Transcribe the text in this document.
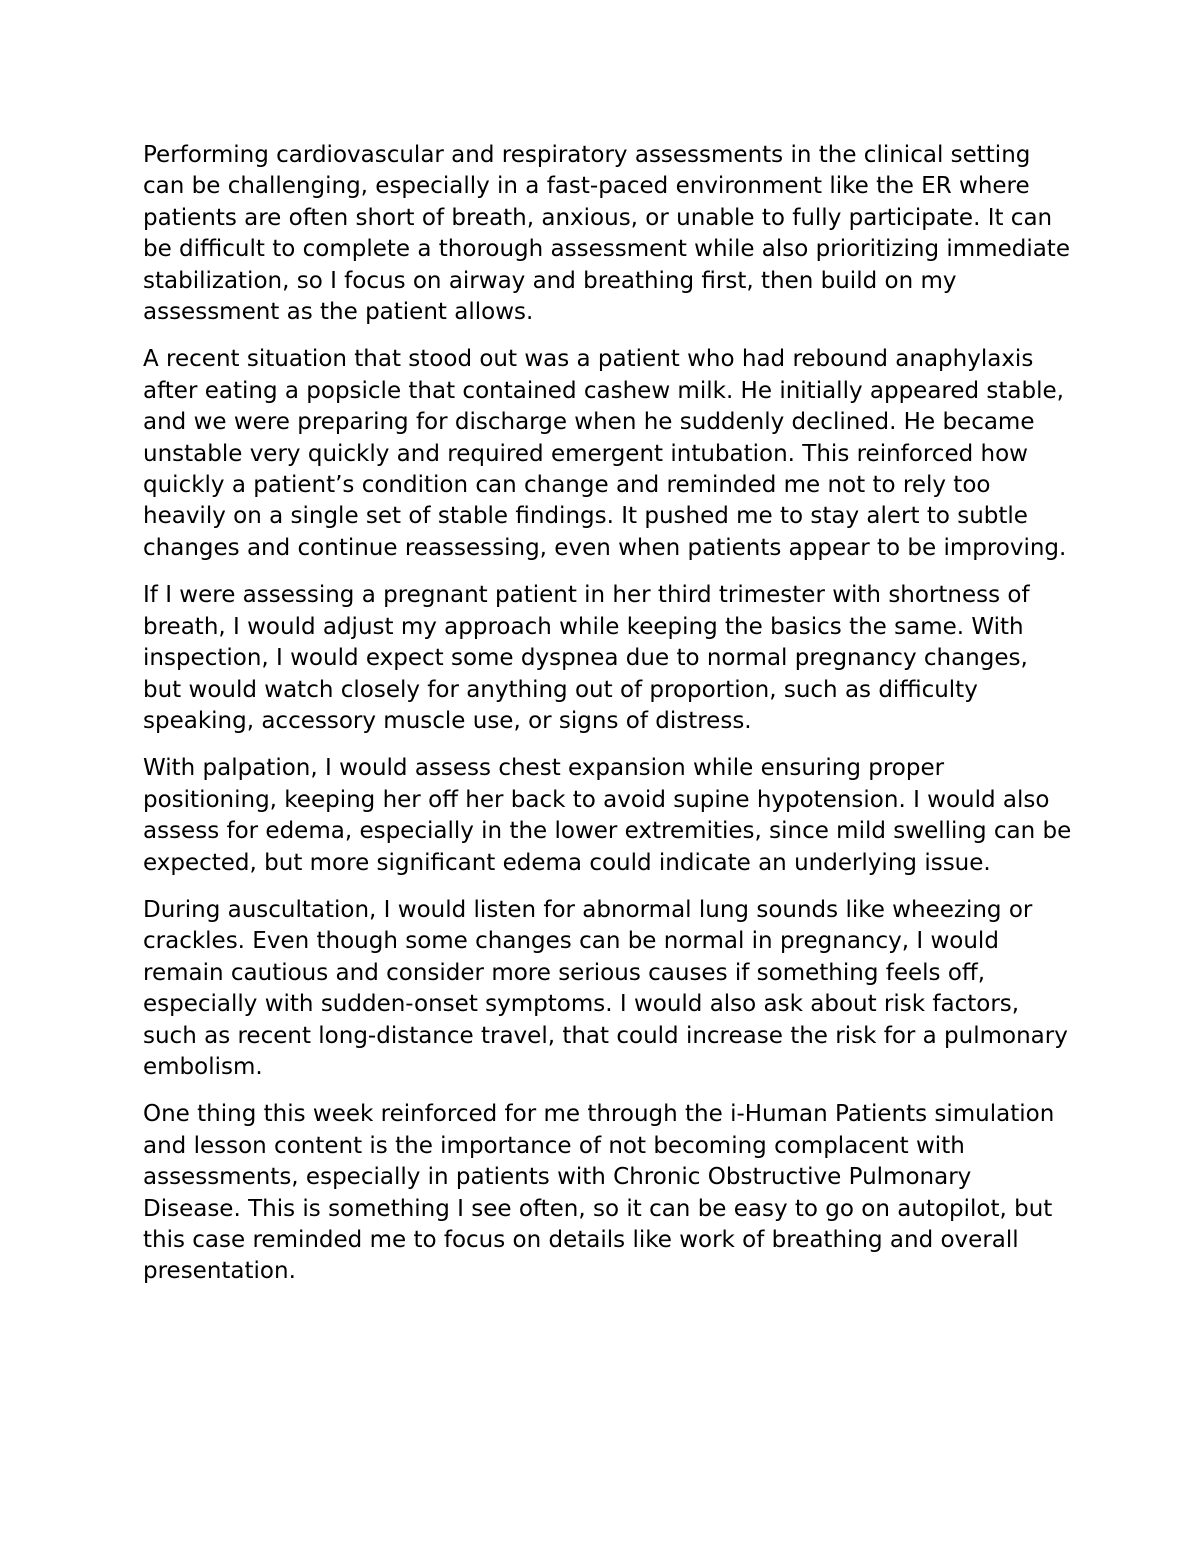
Performing cardiovascular and respiratory assessments in the clinical setting can be challenging, especially in a fast-paced environment like the ER where patients are often short of breath, anxious, or unable to fully participate. It can be difficult to complete a thorough assessment while also prioritizing immediate stabilization, so I focus on airway and breathing first, then build on my assessment as the patient allows.

A recent situation that stood out was a patient who had rebound anaphylaxis after eating a popsicle that contained cashew milk. He initially appeared stable, and we were preparing for discharge when he suddenly declined. He became unstable very quickly and required emergent intubation. This reinforced how quickly a patient’s condition can change and reminded me not to rely too heavily on a single set of stable findings. It pushed me to stay alert to subtle changes and continue reassessing, even when patients appear to be improving.

If I were assessing a pregnant patient in her third trimester with shortness of breath, I would adjust my approach while keeping the basics the same. With inspection, I would expect some dyspnea due to normal pregnancy changes, but would watch closely for anything out of proportion, such as difficulty speaking, accessory muscle use, or signs of distress.

With palpation, I would assess chest expansion while ensuring proper positioning, keeping her off her back to avoid supine hypotension. I would also assess for edema, especially in the lower extremities, since mild swelling can be expected, but more significant edema could indicate an underlying issue.

During auscultation, I would listen for abnormal lung sounds like wheezing or crackles. Even though some changes can be normal in pregnancy, I would remain cautious and consider more serious causes if something feels off, especially with sudden-onset symptoms. I would also ask about risk factors, such as recent long-distance travel, that could increase the risk for a pulmonary embolism.

One thing this week reinforced for me through the i-Human Patients simulation and lesson content is the importance of not becoming complacent with assessments, especially in patients with Chronic Obstructive Pulmonary Disease. This is something I see often, so it can be easy to go on autopilot, but this case reminded me to focus on details like work of breathing and overall presentation.
